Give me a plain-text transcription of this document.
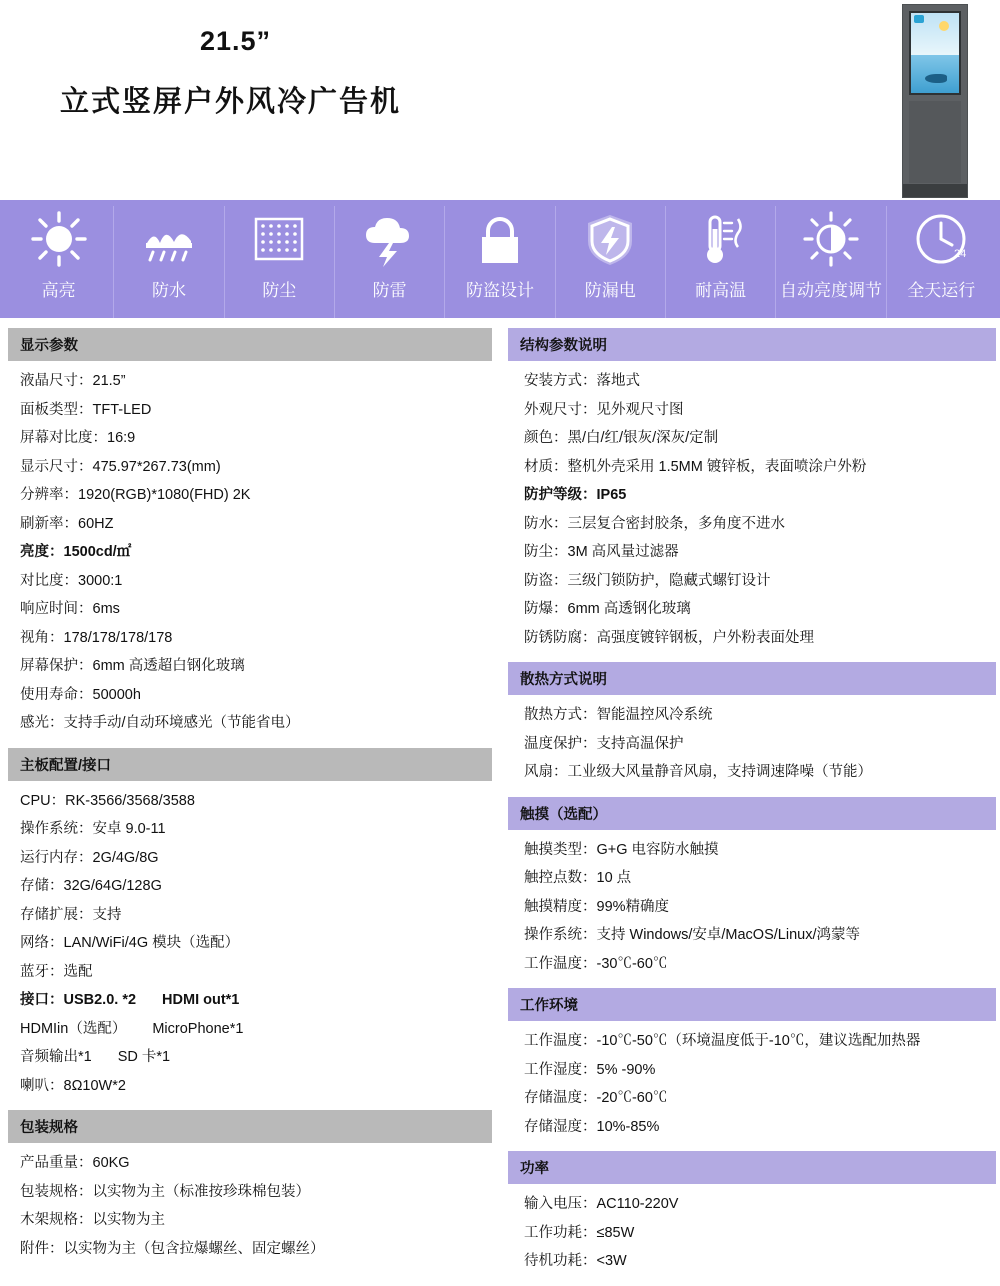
21.5”
立式竖屏户外风冷广告机
高亮	防水	防尘	防雷	防盗设计	防漏电	耐高温 自动亮度调节
24
全天运行
显示参数
液晶尺寸：21.5”
面板类型：TFT-LED
屏幕对比度：16:9
显示尺寸：475.97*267.73(mm)
分辨率：1920(RGB)*1080(FHD) 2K
刷新率：60HZ
亮度：1500cd/㎡
对比度：3000:1
响应时间：6ms
视角：178/178/178/178
屏幕保护：6mm 高透超白钢化玻璃
使用寿命：50000h
感光：支持手动/自动环境感光（节能省电）
主板配置/接口
CPU：RK-3566/3568/3588
操作系统：安卓 9.0-11
运行内存：2G/4G/8G
存储：32G/64G/128G
存储扩展：支持
网络：LAN/WiFi/4G 模块（选配）
蓝牙：选配
接口：USB2.0. *2 HDMI out*1
HDMIin（选配） MicroPhone*1
音频输出*1 SD 卡*1
喇叭：8Ω10W*2
包装规格
产品重量：60KG
包装规格：以实物为主（标准按珍珠棉包装）
木架规格：以实物为主
附件：以实物为主（包含拉爆螺丝、固定螺丝）
结构参数说明
安装方式：落地式
外观尺寸：见外观尺寸图
颜色：黑/白/红/银灰/深灰/定制
材质：整机外壳采用 1.5MM 镀锌板，表面喷涂户外粉
防护等级：IP65
防水：三层复合密封胶条，多角度不进水
防尘：3M 高风量过滤器
防盗：三级门锁防护，隐藏式螺钉设计
防爆：6mm 高透钢化玻璃
防锈防腐：高强度镀锌钢板，户外粉表面处理
散热方式说明
散热方式：智能温控风冷系统
温度保护：支持高温保护
风扇：工业级大风量静音风扇，支持调速降噪（节能）
触摸（选配）
触摸类型：G+G 电容防水触摸
触控点数：10 点
触摸精度：99%精确度
操作系统：支持 Windows/安卓/MacOS/Linux/鸿蒙等
工作温度：-30℃-60℃
工作环境
工作温度：-10℃-50℃（环境温度低于-10℃，建议选配加热器
工作湿度：5% -90%
存储温度：-20℃-60℃
存储湿度：10%-85%
功率
输入电压：AC110-220V
工作功耗：≤85W
待机功耗：<3W
